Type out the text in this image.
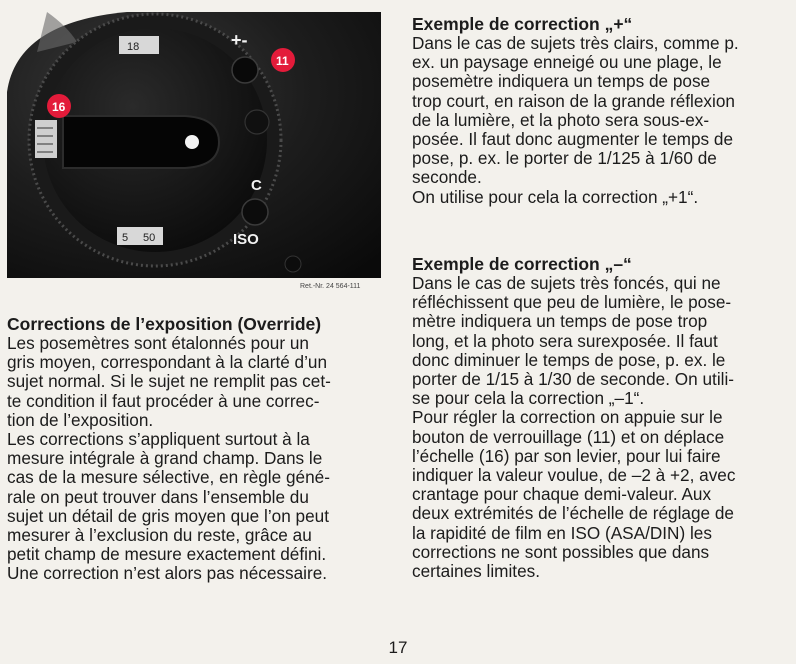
18
5 50
16
+-
11
C
ISO
Ret.-Nr. 24 564-111

Corrections de l’exposition (Override)

Les posemètres sont étalonnés pour un
gris moyen, correspondant à la clarté d’un
sujet normal. Si le sujet ne remplit pas cet-
te condition il faut procéder à une correc-
tion de l’exposition.
Les corrections s’appliquent surtout à la
mesure intégrale à grand champ. Dans le
cas de la mesure sélective, en règle géné-
rale on peut trouver dans l’ensemble du
sujet un détail de gris moyen que l’on peut
mesurer à l’exclusion du reste, grâce au
petit champ de mesure exactement défini.
Une correction n’est alors pas nécessaire.

Exemple de correction „+“

Dans le cas de sujets très clairs, comme p.
ex. un paysage enneigé ou une plage, le
posemètre indiquera un temps de pose
trop court, en raison de la grande réflexion
de la lumière, et la photo sera sous-ex-
posée. Il faut donc augmenter le temps de
pose, p. ex. le porter de 1/125 à 1/60 de
seconde.
On utilise pour cela la correction „+1“.

Exemple de correction „–“

Dans le cas de sujets très foncés, qui ne
réfléchissent que peu de lumière, le pose-
mètre indiquera un temps de pose trop
long, et la photo sera surexposée. Il faut
donc diminuer le temps de pose, p. ex. le
porter de 1/15 à 1/30 de seconde. On utili-
se pour cela la correction „–1“.
Pour régler la correction on appuie sur le
bouton de verrouillage (11) et on déplace
l’échelle (16) par son levier, pour lui faire
indiquer la valeur voulue, de –2 à +2, avec
crantage pour chaque demi-valeur. Aux
deux extrémités de l’échelle de réglage de
la rapidité de film en ISO (ASA/DIN) les
corrections ne sont possibles que dans
certaines limites.
17
